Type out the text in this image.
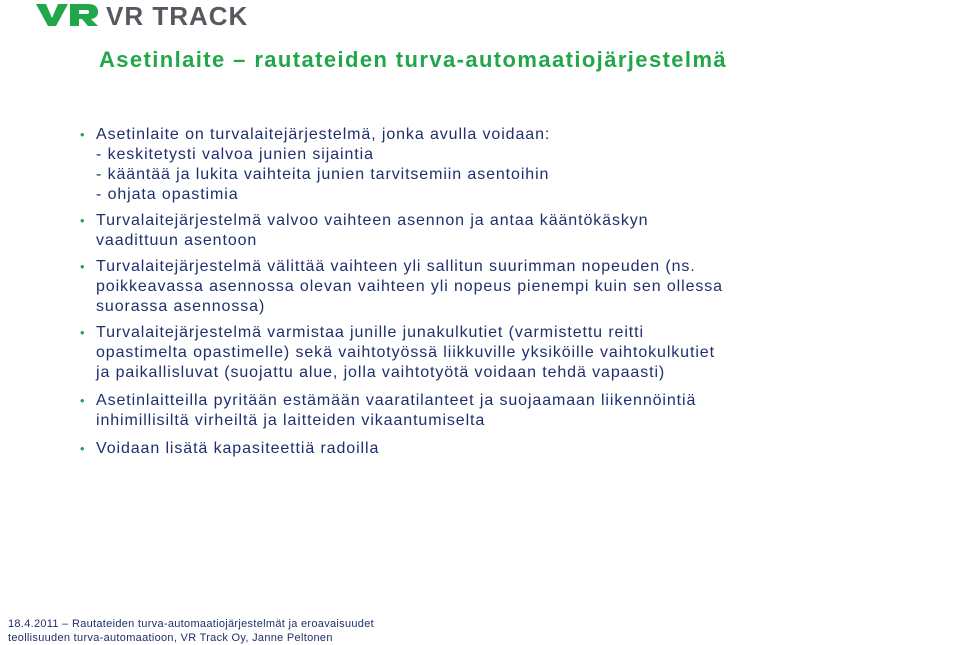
VR TRACK
Asetinlaite – rautateiden turva-automaatiojärjestelmä
• Asetinlaite on turvalaitejärjestelmä, jonka avulla voidaan:
- keskitetysti valvoa junien sijaintia
- kääntää ja lukita vaihteita junien tarvitsemiin asentoihin
- ohjata opastimia
• Turvalaitejärjestelmä valvoo vaihteen asennon ja antaa kääntökäskyn
vaadittuun asentoon
• Turvalaitejärjestelmä välittää vaihteen yli sallitun suurimman nopeuden (ns.
poikkeavassa asennossa olevan vaihteen yli nopeus pienempi kuin sen ollessa
suorassa asennossa)
• Turvalaitejärjestelmä varmistaa junille junakulkutiet (varmistettu reitti
opastimelta opastimelle) sekä vaihtotyössä liikkuville yksiköille vaihtokulkutiet
ja paikallisluvat (suojattu alue, jolla vaihtotyötä voidaan tehdä vapaasti)
• Asetinlaitteilla pyritään estämään vaaratilanteet ja suojaamaan liikennöintiä
inhimillisiltä virheiltä ja laitteiden vikaantumiselta
• Voidaan lisätä kapasiteettiä radoilla
18.4.2011 – Rautateiden turva-automaatiojärjestelmät ja eroavaisuudet
teollisuuden turva-automaatioon, VR Track Oy, Janne Peltonen
